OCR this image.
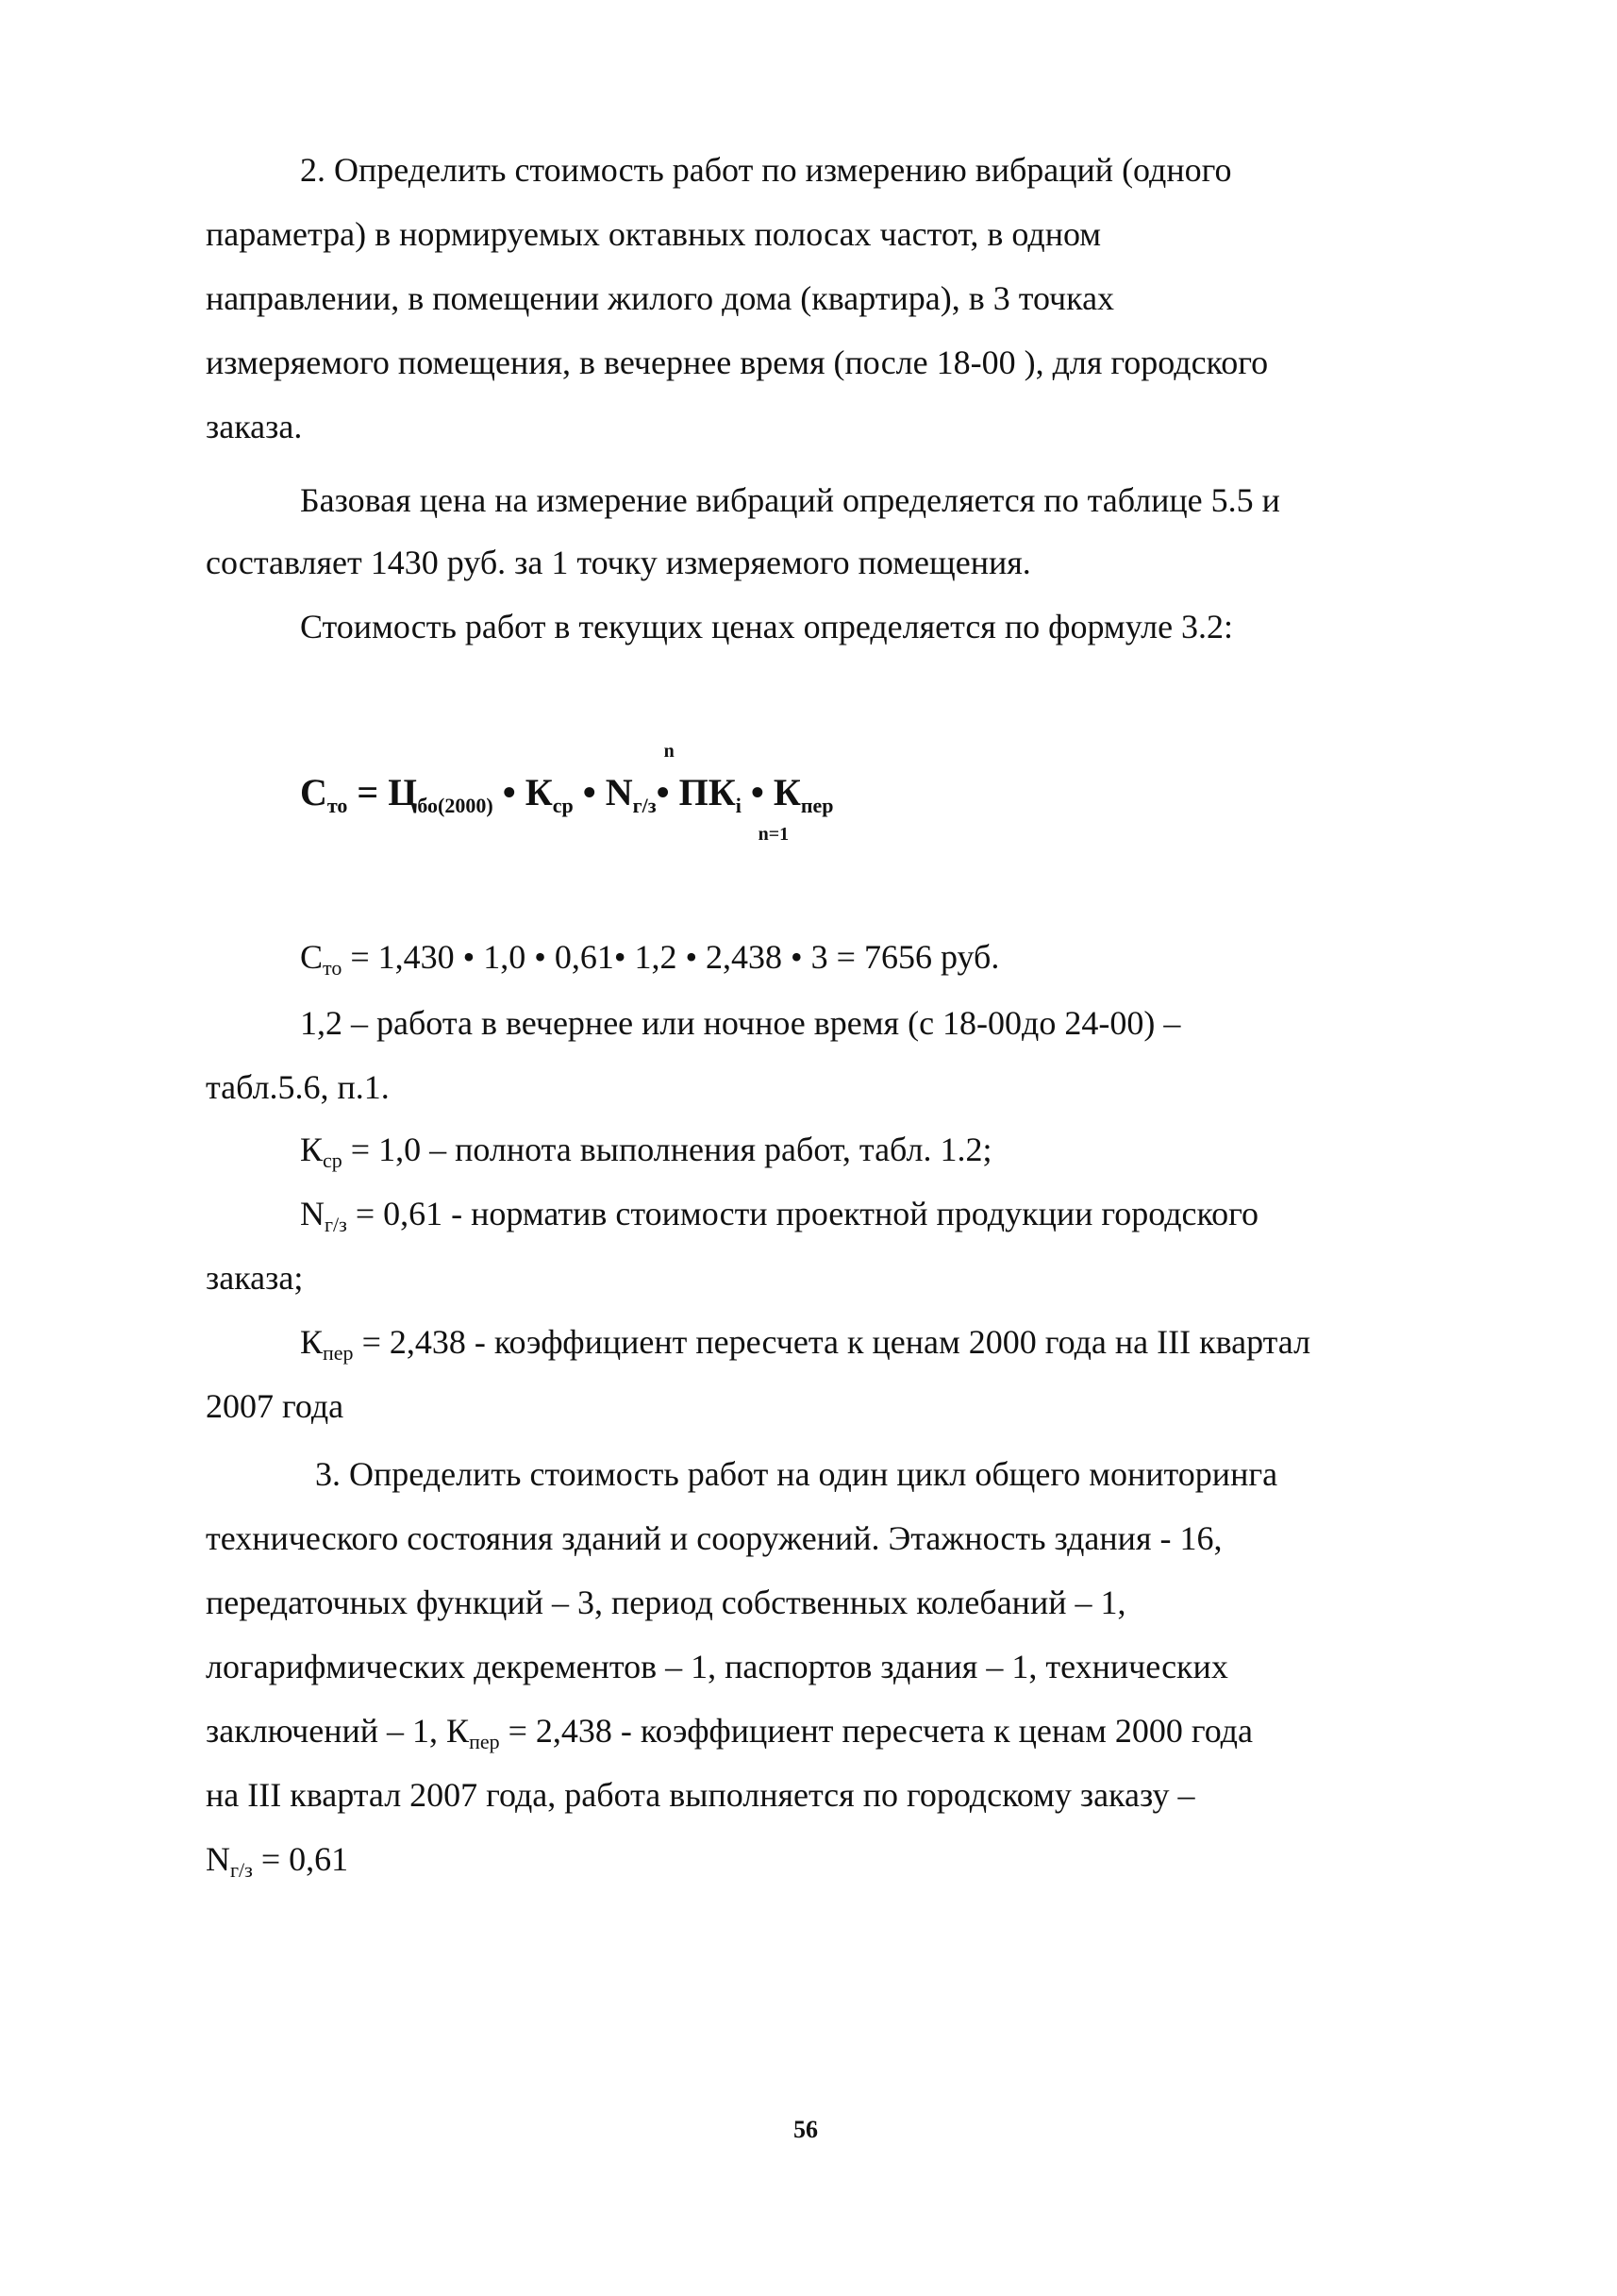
2. Определить стоимость работ по измерению вибраций (одного
параметра) в нормируемых октавных полосах частот, в одном
направлении, в помещении жилого дома (квартира), в 3 точках
измеряемого помещения, в вечернее время (после 18-00 ), для городского
заказа.
Базовая цена на измерение вибраций определяется по таблице 5.5 и
составляет 1430 руб. за 1 точку измеряемого помещения.
Стоимость работ в текущих ценах определяется по формуле 3.2:
$С_{то} = Ц_{бо(2000)}$ • $К_{ср}$ • $N_{г/з}$
n
• $ПК_i$
n=1
• $К_{пер}$
$С_{то} = 1,430$ • 1,0 • 0,61• 1,2 • 2,438 • 3 = 7656 руб.
1,2 – работа в вечернее или ночное время (с 18-00до 24-00) –
табл.5.6, п.1.
$К_{ср} = 1,0$ – полнота выполнения работ, табл. 1.2;
$N_{г/з} = 0,61$ - норматив стоимости проектной продукции городского
заказа;
$К_{пер} = 2,438$ - коэффициент пересчета к ценам 2000 года на III квартал
2007 года
3. Определить стоимость работ на один цикл общего мониторинга
технического состояния зданий и сооружений. Этажность здания - 16,
передаточных функций – 3, период собственных колебаний – 1,
логарифмических декрементов – 1, паспортов здания – 1, технических
заключений – 1, $К_{пер} = 2,438$ - коэффициент пересчета к ценам 2000 года
на III квартал 2007 года, работа выполняется по городскому заказу –
$N_{г/з} = 0,61$
56
